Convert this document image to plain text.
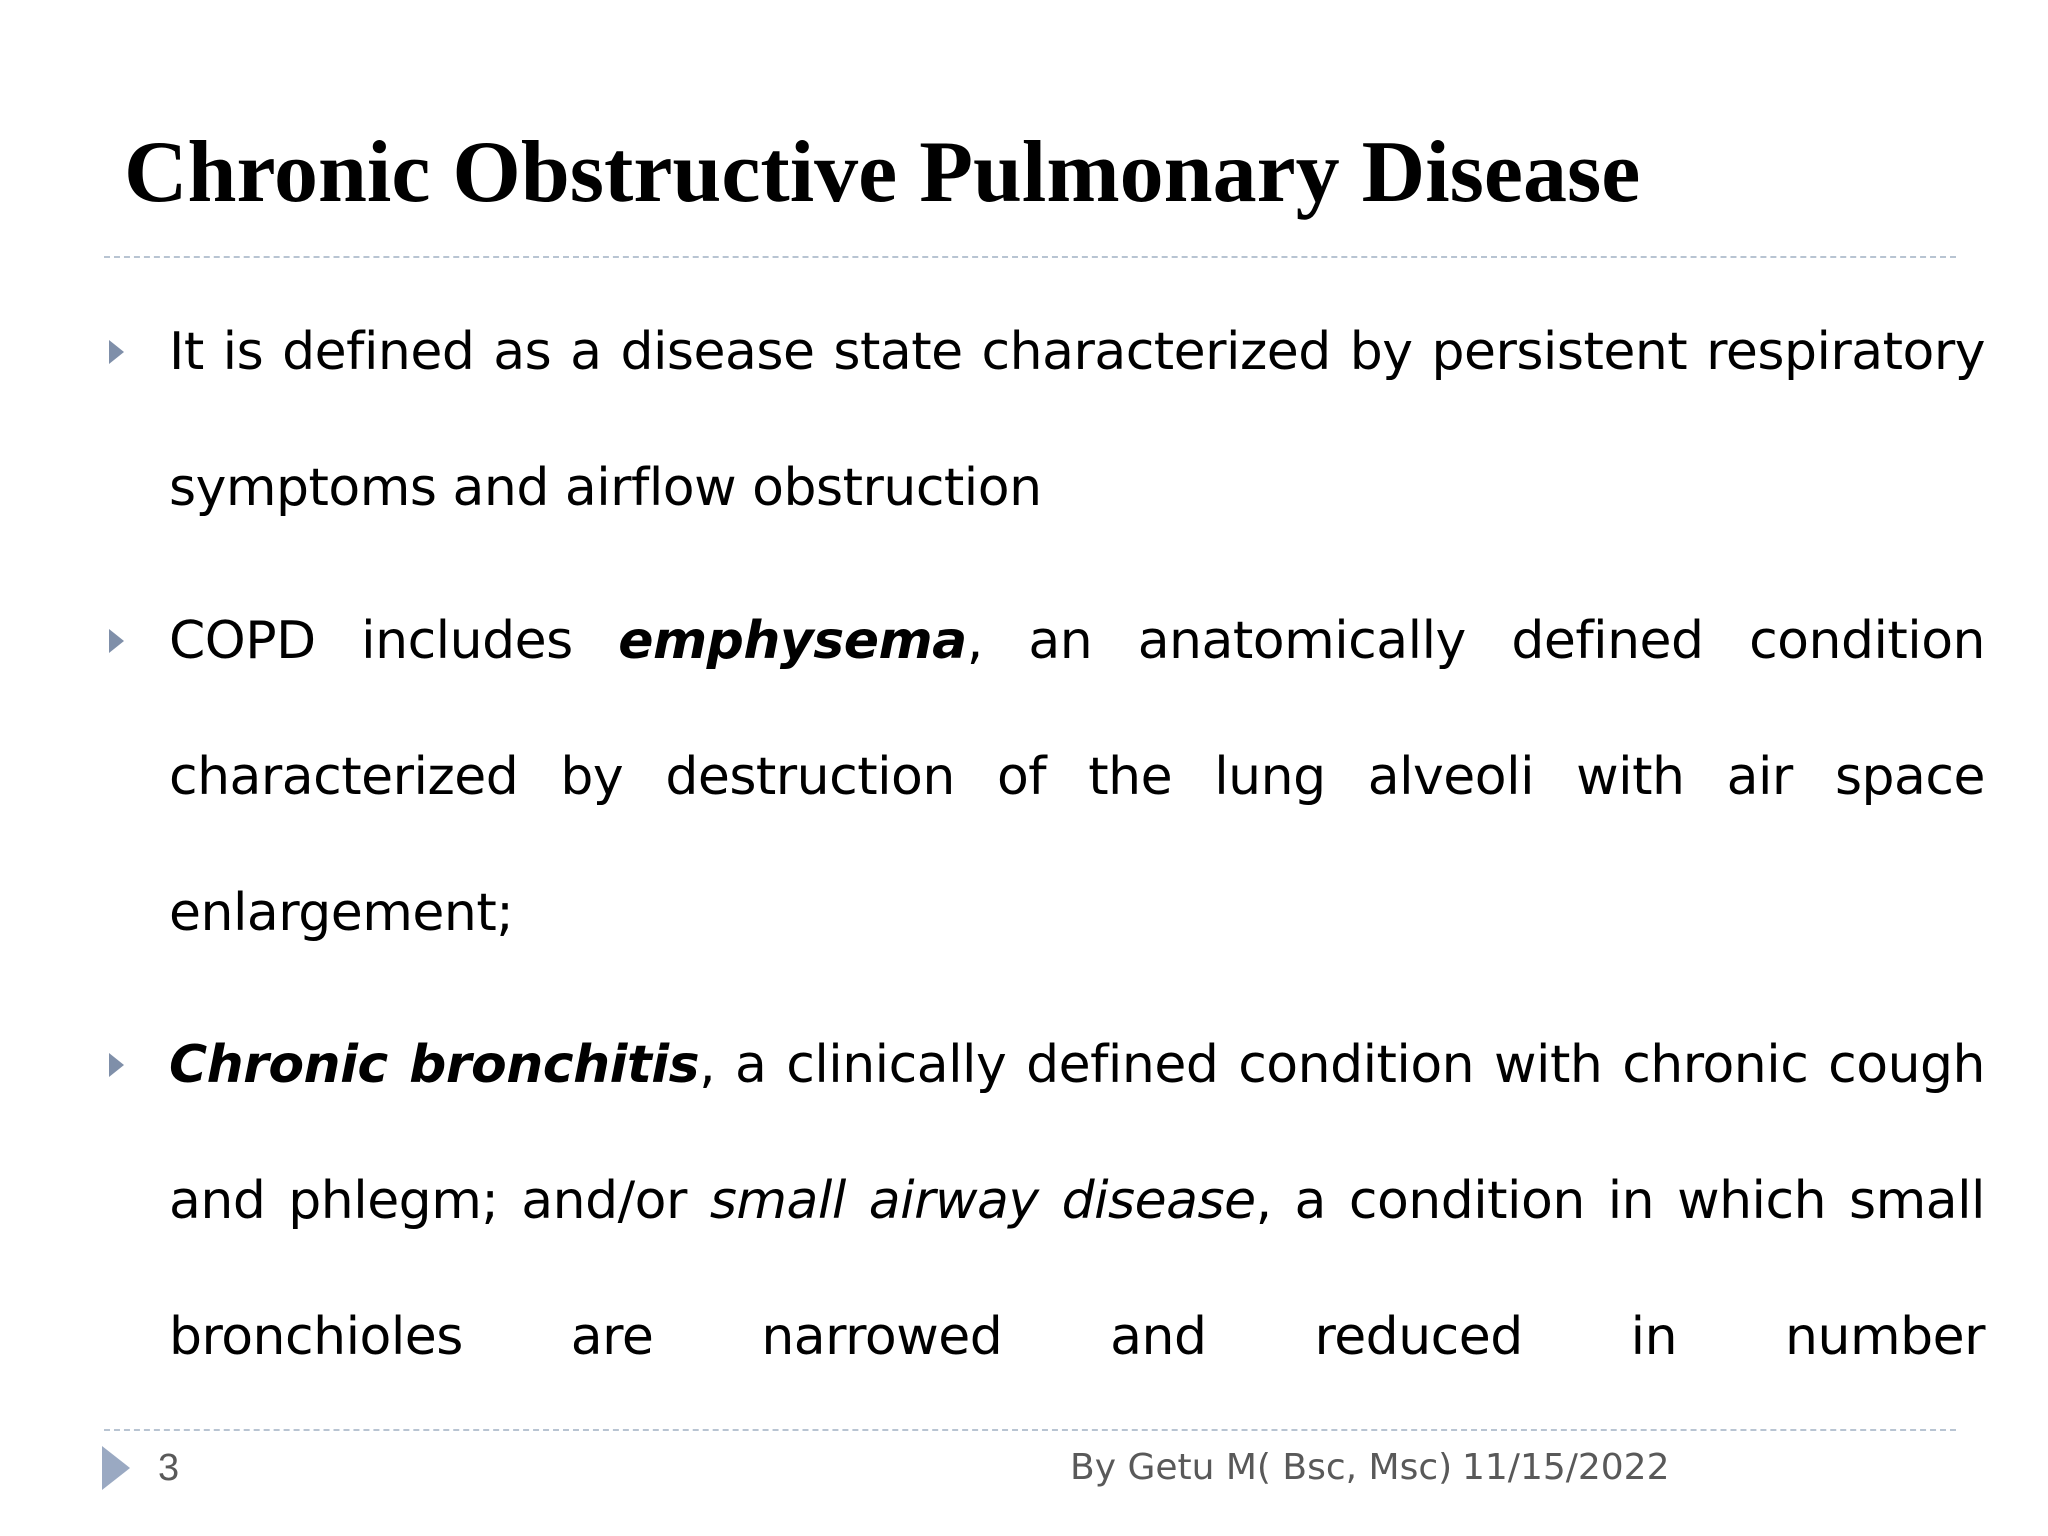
Chronic Obstructive Pulmonary Disease
It is defined as a disease state characterized by persistent respiratory symptoms and airflow obstruction
COPD includes emphysema, an anatomically defined condition characterized by destruction of the lung alveoli with air space enlargement;
Chronic bronchitis, a clinically defined condition with chronic cough and phlegm; and/or small airway disease, a condition in which small bronchioles are narrowed and reduced in number
3	By Getu M( Bsc, Msc) 11/15/2022
